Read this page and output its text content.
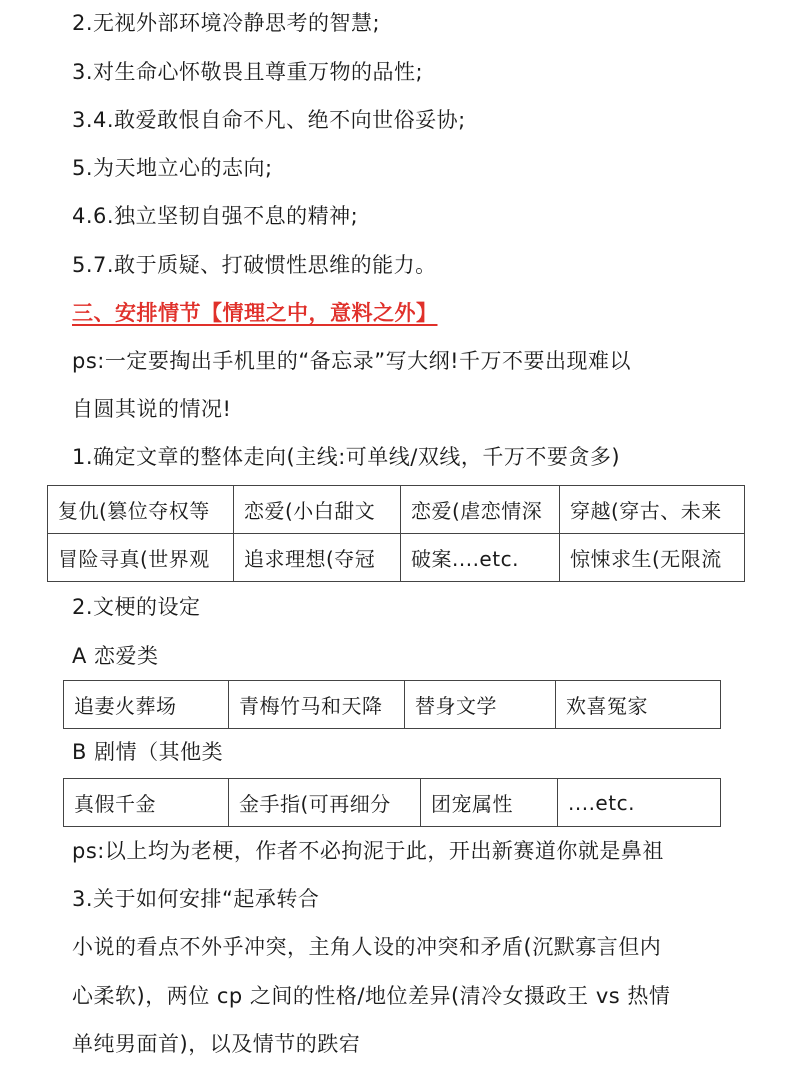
2.无视外部环境冷静思考的智慧;
3.对生命心怀敬畏且尊重万物的品性;
3.4.敢爱敢恨自命不凡、绝不向世俗妥协;
5.为天地立心的志向;
4.6.独立坚韧自强不息的精神;
5.7.敢于质疑、打破惯性思维的能力。
三、安排情节【情理之中，意料之外】
ps:一定要掏出手机里的“备忘录”写大纲!千万不要出现难以
自圆其说的情况!
1.确定文章的整体走向(主线:可单线/双线，千万不要贪多)
复仇(篡位夺权等	恋爱(小白甜文	恋爱(虐恋情深	穿越(穿古、未来
冒险寻真(世界观	追求理想(夺冠	破案....etc.	惊悚求生(无限流
2.文梗的设定
A 恋爱类
追妻火葬场	青梅竹马和天降	替身文学	欢喜冤家
B 剧情（其他类
真假千金	金手指(可再细分	团宠属性	....etc.
ps:以上均为老梗，作者不必拘泥于此，开出新赛道你就是鼻祖
3.关于如何安排“起承转合
小说的看点不外乎冲突，主角人设的冲突和矛盾(沉默寡言但内
心柔软)，两位 cp 之间的性格/地位差异(清冷女摄政王 vs 热情
单纯男面首)，以及情节的跌宕
